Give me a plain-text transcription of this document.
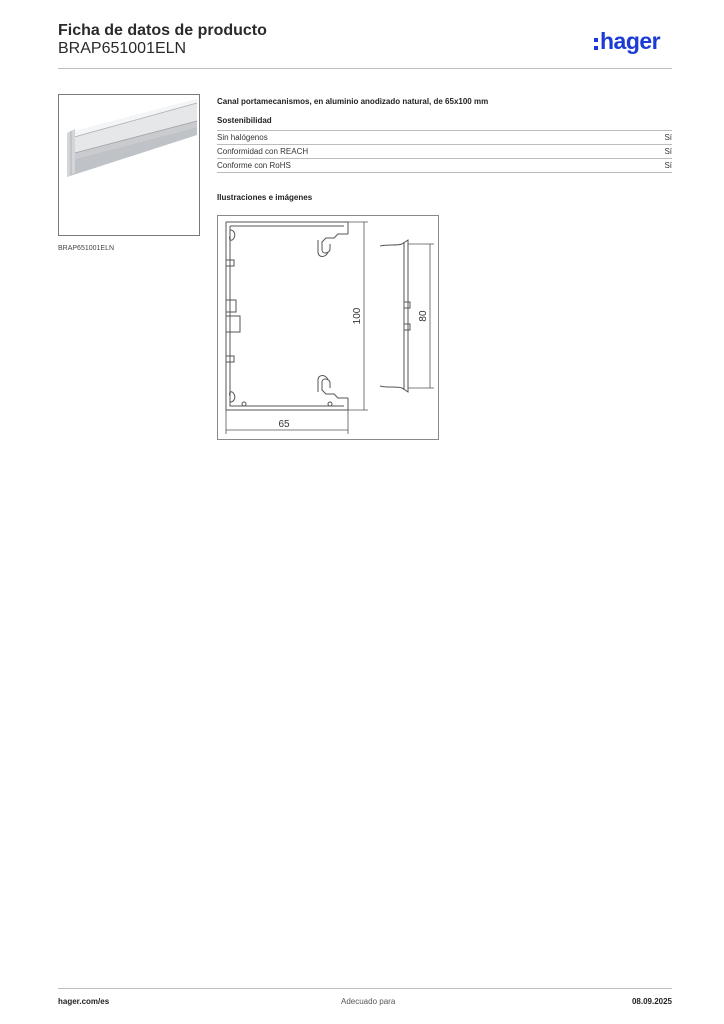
Ficha de datos de producto
BRAP651001ELN	hager
BRAP651001ELN

Canal portamecanismos, en aluminio anodizado natural, de 65x100 mm

Sostenibilidad
Sin halógenos	Sí
Conformidad con REACH	Sí
Conforme con RoHS	Sí
Ilustraciones e imágenes
65
100	80
hager.com/es	Adecuado para	08.09.2025
